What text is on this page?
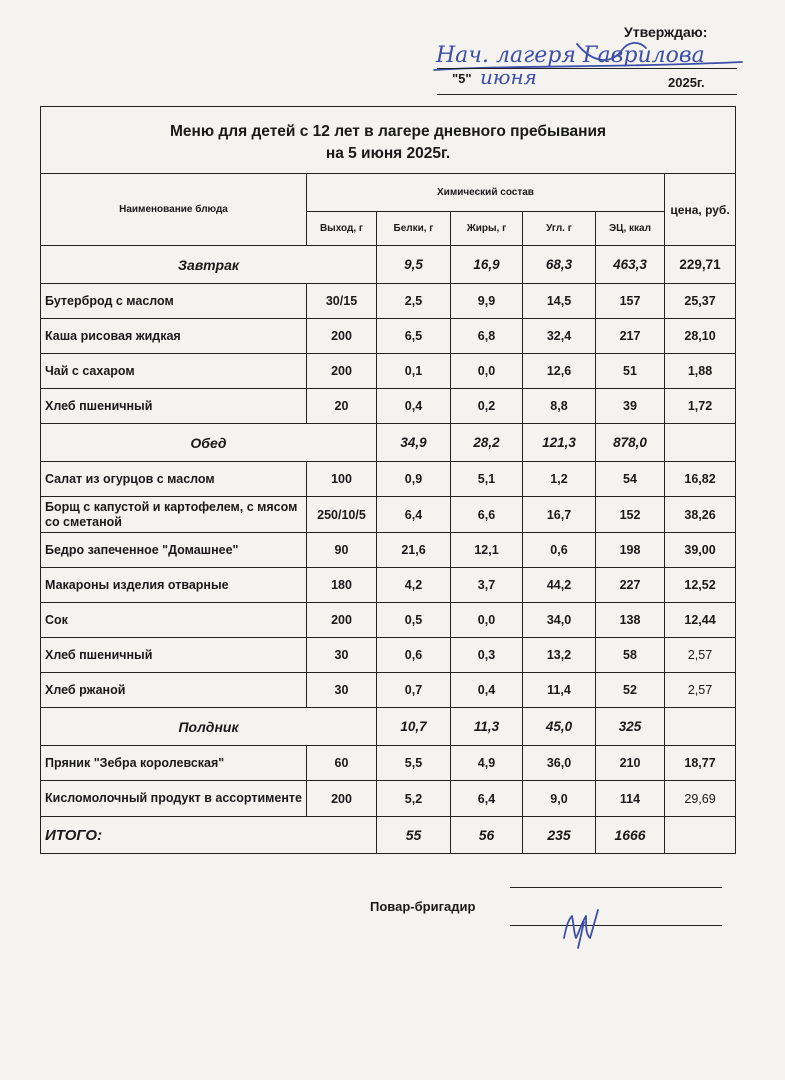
Утверждаю:
Нач. лагеря Гаврилова
"5" июня	2025г.
Меню для детей с 12 лет в лагере дневного пребывания
на 5 июня 2025г.						

Наименование блюда	Химический состав					цена, руб.
	Выход, г	Белки, г	Жиры, г	Угл. г	ЭЦ, ккал	
Завтрак		9,5	16,9	68,3	463,3	229,71
Бутерброд с маслом	30/15	2,5	9,9	14,5	157	25,37
Каша рисовая жидкая	200	6,5	6,8	32,4	217	28,10
Чай с сахаром	200	0,1	0,0	12,6	51	1,88
Хлеб пшеничный	20	0,4	0,2	8,8	39	1,72
Обед		34,9	28,2	121,3	878,0	
Салат из огурцов с маслом	100	0,9	5,1	1,2	54	16,82
Борщ с капустой и картофелем, с мясом со сметаной	250/10/5	6,4	6,6	16,7	152	38,26
Бедро запеченное "Домашнее"	90	21,6	12,1	0,6	198	39,00
Макароны изделия отварные	180	4,2	3,7	44,2	227	12,52
Сок	200	0,5	0,0	34,0	138	12,44
Хлеб пшеничный	30	0,6	0,3	13,2	58	2,57
Хлеб ржаной	30	0,7	0,4	11,4	52	2,57
Полдник		10,7	11,3	45,0	325	
Пряник "Зебра королевская"	60	5,5	4,9	36,0	210	18,77
Кисломолочный продукт в ассортименте	200	5,2	6,4	9,0	114	29,69
ИТОГО:		55	56	235	1666	
Повар-бригадир
